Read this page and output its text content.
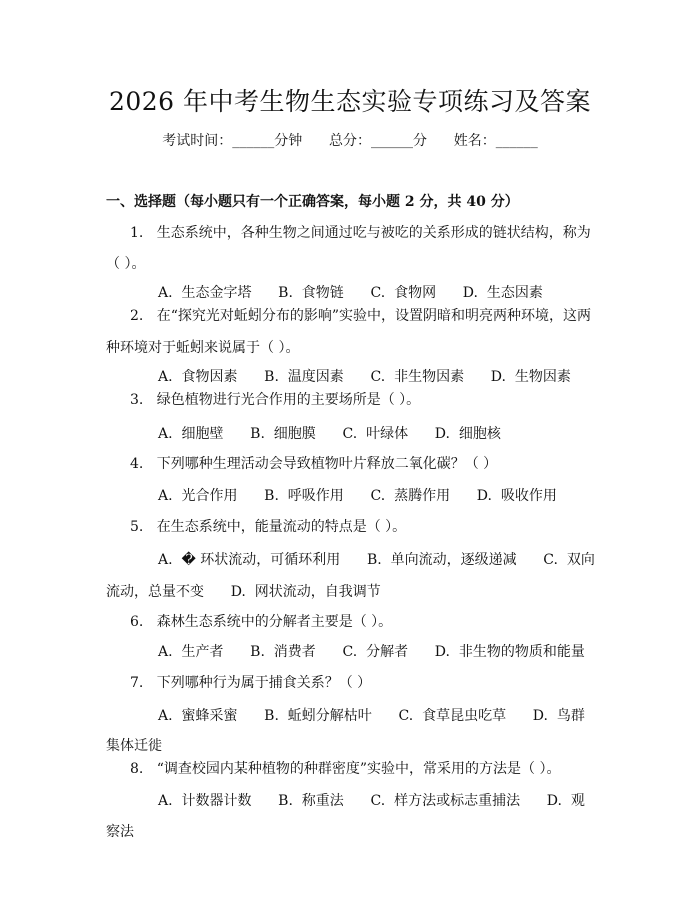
2026 年中考生物生态实验专项练习及答案
考试时间：______分钟      总分：______分      姓名：______
一、选择题（每小题只有一个正确答案，每小题 2 分，共 40 分）
1.   生态系统中，各种生物之间通过吃与被吃的关系形成的链状结构，称为
（ ）。
A.  生态金字塔      B.  食物链      C.  食物网      D.  生态因素
2.   在“探究光对蚯蚓分布的影响”实验中，设置阴暗和明亮两种环境，这两
种环境对于蚯蚓来说属于（ ）。
A.  食物因素      B.  温度因素      C.  非生物因素      D.  生物因素
3.   绿色植物进行光合作用的主要场所是（ ）。
A.  细胞壁      B.  细胞膜      C.  叶绿体      D.  细胞核
4.   下列哪种生理活动会导致植物叶片释放二氧化碳？（ ）
A.  光合作用      B.  呼吸作用      C.  蒸腾作用      D.  吸收作用
5.   在生态系统中，能量流动的特点是（ ）。
A.  � 环状流动，可循环利用      B.  单向流动，逐级递减      C.  双向
流动，总量不变      D.  网状流动，自我调节
6.   森林生态系统中的分解者主要是（ ）。
A.  生产者      B.  消费者      C.  分解者      D.  非生物的物质和能量
7.   下列哪种行为属于捕食关系？（ ）
A.  蜜蜂采蜜      B.  蚯蚓分解枯叶      C.  食草昆虫吃草      D.  鸟群
集体迁徙
8.   “调查校园内某种植物的种群密度”实验中，常采用的方法是（ ）。
A.  计数器计数      B.  称重法      C.  样方法或标志重捕法      D.  观
察法
